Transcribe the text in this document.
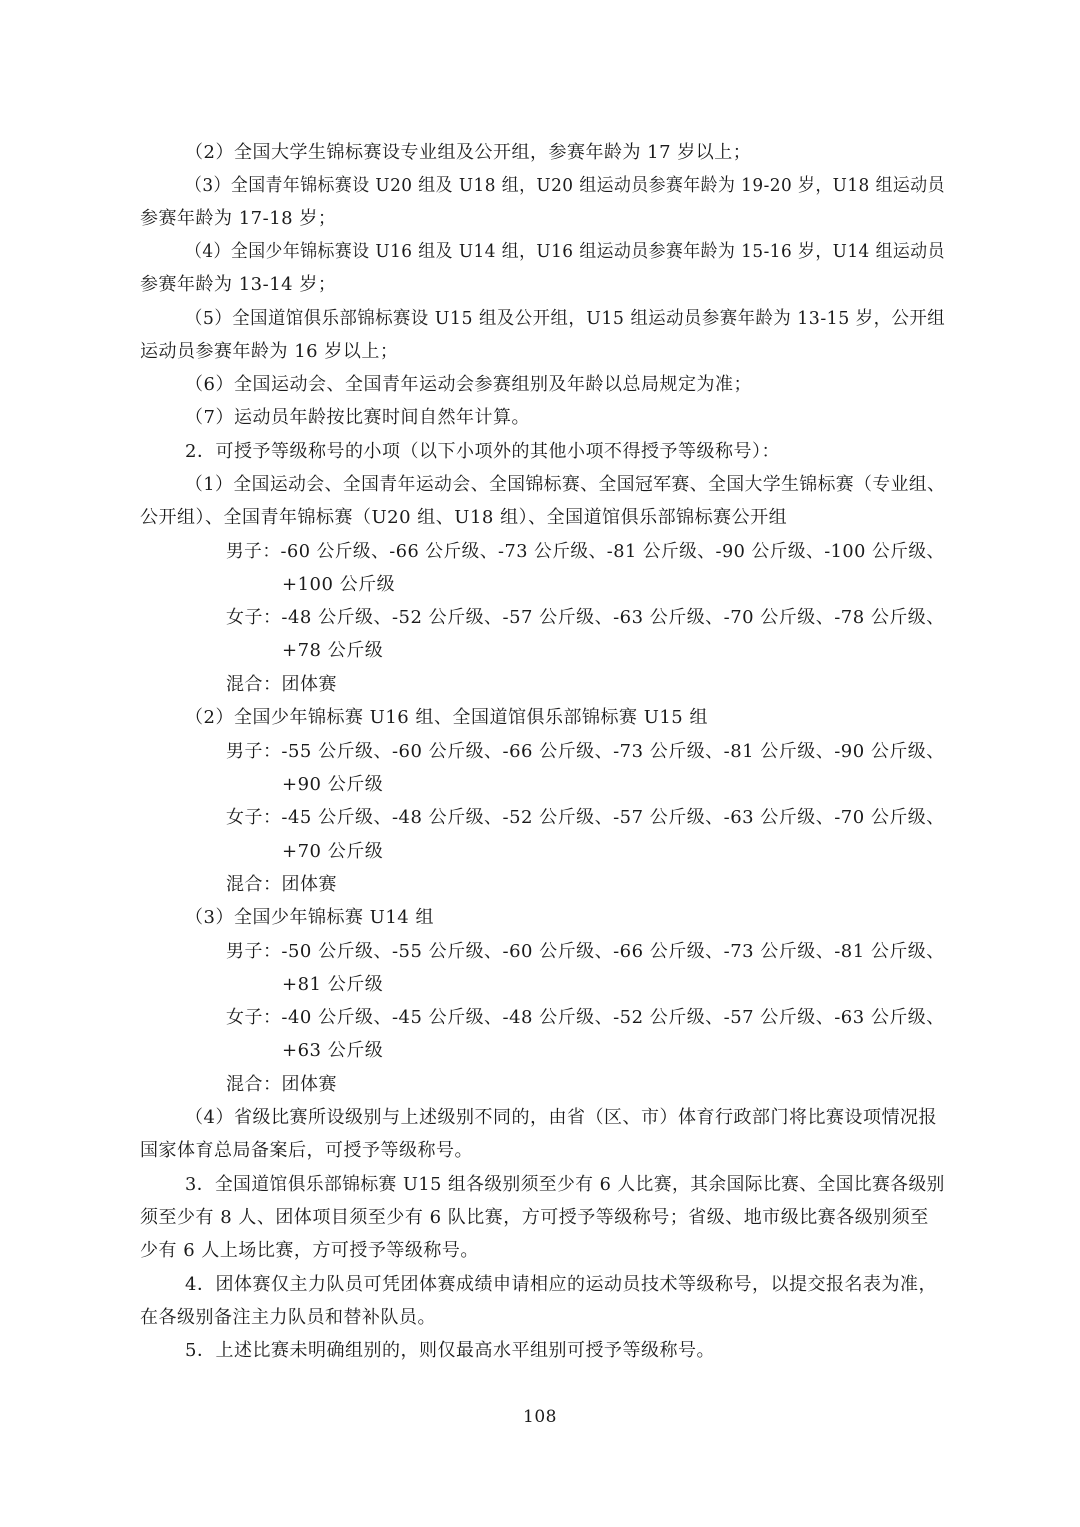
（2）全国大学生锦标赛设专业组及公开组，参赛年龄为 17 岁以上；

（3）全国青年锦标赛设 U20 组及 U18 组，U20 组运动员参赛年龄为 19-20 岁，U18 组运动员

参赛年龄为 17-18 岁；

（4）全国少年锦标赛设 U16 组及 U14 组，U16 组运动员参赛年龄为 15-16 岁，U14 组运动员

参赛年龄为 13-14 岁；

（5）全国道馆俱乐部锦标赛设 U15 组及公开组，U15 组运动员参赛年龄为 13-15 岁，公开组

运动员参赛年龄为 16 岁以上；

（6）全国运动会、全国青年运动会参赛组别及年龄以总局规定为准；

（7）运动员年龄按比赛时间自然年计算。

2．可授予等级称号的小项（以下小项外的其他小项不得授予等级称号）：

（1）全国运动会、全国青年运动会、全国锦标赛、全国冠军赛、全国大学生锦标赛（专业组、

公开组）、全国青年锦标赛（U20 组、U18 组）、全国道馆俱乐部锦标赛公开组

男子：-60 公斤级、-66 公斤级、-73 公斤级、-81 公斤级、-90 公斤级、-100 公斤级、

+100 公斤级

女子：-48 公斤级、-52 公斤级、-57 公斤级、-63 公斤级、-70 公斤级、-78 公斤级、

+78 公斤级

混合：团体赛

（2）全国少年锦标赛 U16 组、全国道馆俱乐部锦标赛 U15 组

男子：-55 公斤级、-60 公斤级、-66 公斤级、-73 公斤级、-81 公斤级、-90 公斤级、

+90 公斤级

女子：-45 公斤级、-48 公斤级、-52 公斤级、-57 公斤级、-63 公斤级、-70 公斤级、

+70 公斤级

混合：团体赛

（3）全国少年锦标赛 U14 组

男子：-50 公斤级、-55 公斤级、-60 公斤级、-66 公斤级、-73 公斤级、-81 公斤级、

+81 公斤级

女子：-40 公斤级、-45 公斤级、-48 公斤级、-52 公斤级、-57 公斤级、-63 公斤级、

+63 公斤级

混合：团体赛

（4）省级比赛所设级别与上述级别不同的，由省（区、市）体育行政部门将比赛设项情况报

国家体育总局备案后，可授予等级称号。

3．全国道馆俱乐部锦标赛 U15 组各级别须至少有 6 人比赛，其余国际比赛、全国比赛各级别

须至少有 8 人、团体项目须至少有 6 队比赛，方可授予等级称号；省级、地市级比赛各级别须至

少有 6 人上场比赛，方可授予等级称号。

4．团体赛仅主力队员可凭团体赛成绩申请相应的运动员技术等级称号，以提交报名表为准，

在各级别备注主力队员和替补队员。

5．上述比赛未明确组别的，则仅最高水平组别可授予等级称号。

108
